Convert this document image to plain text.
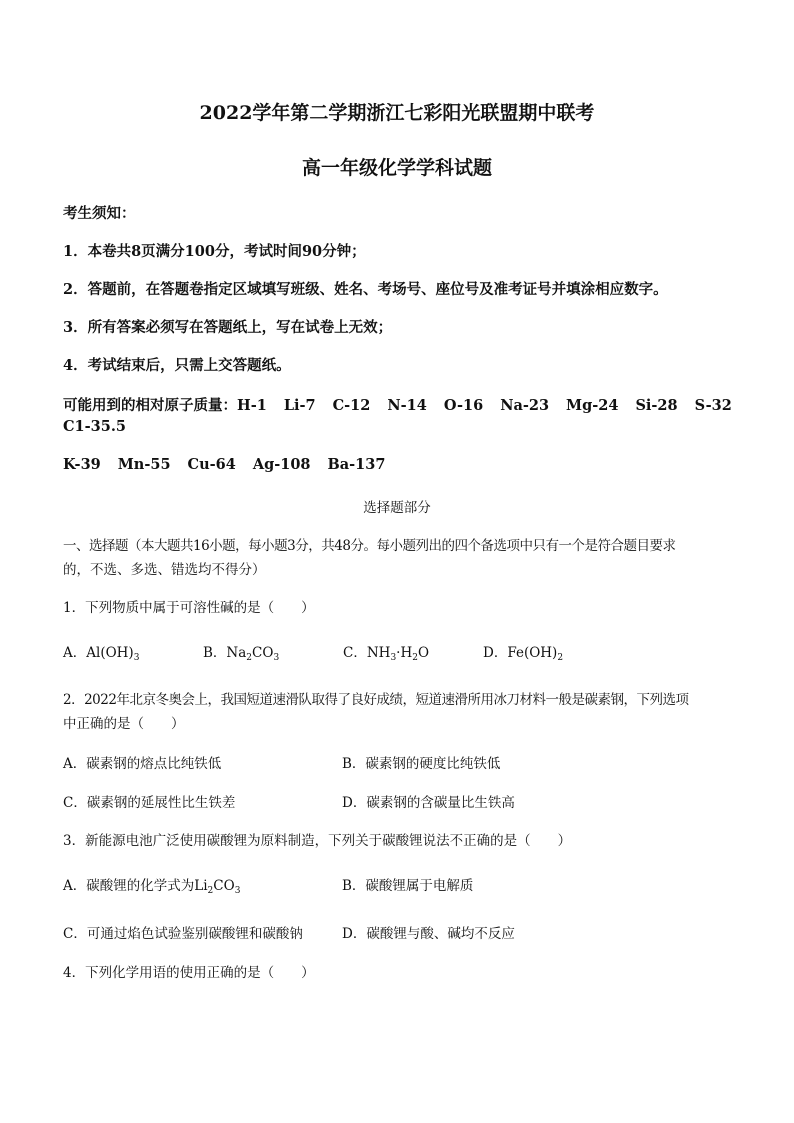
2022学年第二学期浙江七彩阳光联盟期中联考
高一年级化学学科试题
考生须知：
1．本卷共8页满分100分，考试时间90分钟；
2．答题前，在答题卷指定区域填写班级、姓名、考场号、座位号及准考证号并填涂相应数字。
3．所有答案必须写在答题纸上，写在试卷上无效；
4．考试结束后，只需上交答题纸。
可能用到的相对原子质量：H-1 Li-7 C-12 N-14 O-16 Na-23 Mg-24 Si-28 S-32
C1-35.5
K-39 Mn-55 Cu-64 Ag-108 Ba-137
选择题部分
一、选择题（本大题共16小题，每小题3分，共48分。每小题列出的四个备选项中只有一个是符合题目要求
的，不选、多选、错选均不得分）
1．下列物质中属于可溶性碱的是（　　）
A．$Al(OH)_3$	B．$Na_2CO_3$	C．$NH_3\cdot H_2O$	D．$Fe(OH)_2$
2．2022年北京冬奥会上，我国短道速滑队取得了良好成绩，短道速滑所用冰刀材料一般是碳素钢，下列选项
中正确的是（　　）
A．碳素钢的熔点比纯铁低	B．碳素钢的硬度比纯铁低
C．碳素钢的延展性比生铁差	D．碳素钢的含碳量比生铁高
3．新能源电池广泛使用碳酸锂为原料制造，下列关于碳酸锂说法不正确的是（　　）
A．碳酸锂的化学式为$Li_2CO_3$	B．碳酸锂属于电解质
C．可通过焰色试验鉴别碳酸锂和碳酸钠	D．碳酸锂与酸、碱均不反应
4．下列化学用语的使用正确的是（　　）
